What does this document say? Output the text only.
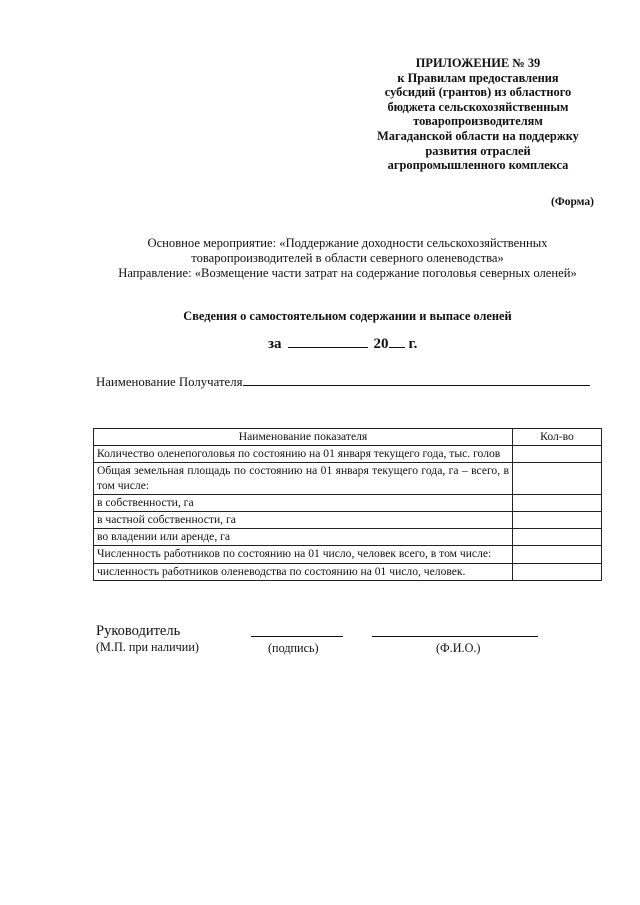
ПРИЛОЖЕНИЕ № 39
к Правилам предоставления
субсидий (грантов) из областного
бюджета сельскохозяйственным
товаропроизводителям
Магаданской области на поддержку
развития отраслей
агропромышленного комплекса
(Форма)
Основное мероприятие: «Поддержание доходности сельскохозяйственных
товаропроизводителей в области северного оленеводства»
Направление: «Возмещение части затрат на содержание поголовья северных оленей»
Сведения о самостоятельном содержании и выпасе оленей
за	20 г.
Наименование Получателя
Наименование показателя	Кол-во
Количество оленепоголовья по состоянию на 01 января текущего года, тыс. голов	
Общая земельная площадь по состоянию на 01 января текущего года, га – всего, в том числе:	
в собственности, га	
в частной собственности, га	
во владении или аренде, га	
Численность работников по состоянию на 01 число, человек всего, в том числе:	
численность работников оленеводства по состоянию на 01 число, человек.	
Руководитель
(М.П. при наличии)	(подпись)	(Ф.И.О.)
